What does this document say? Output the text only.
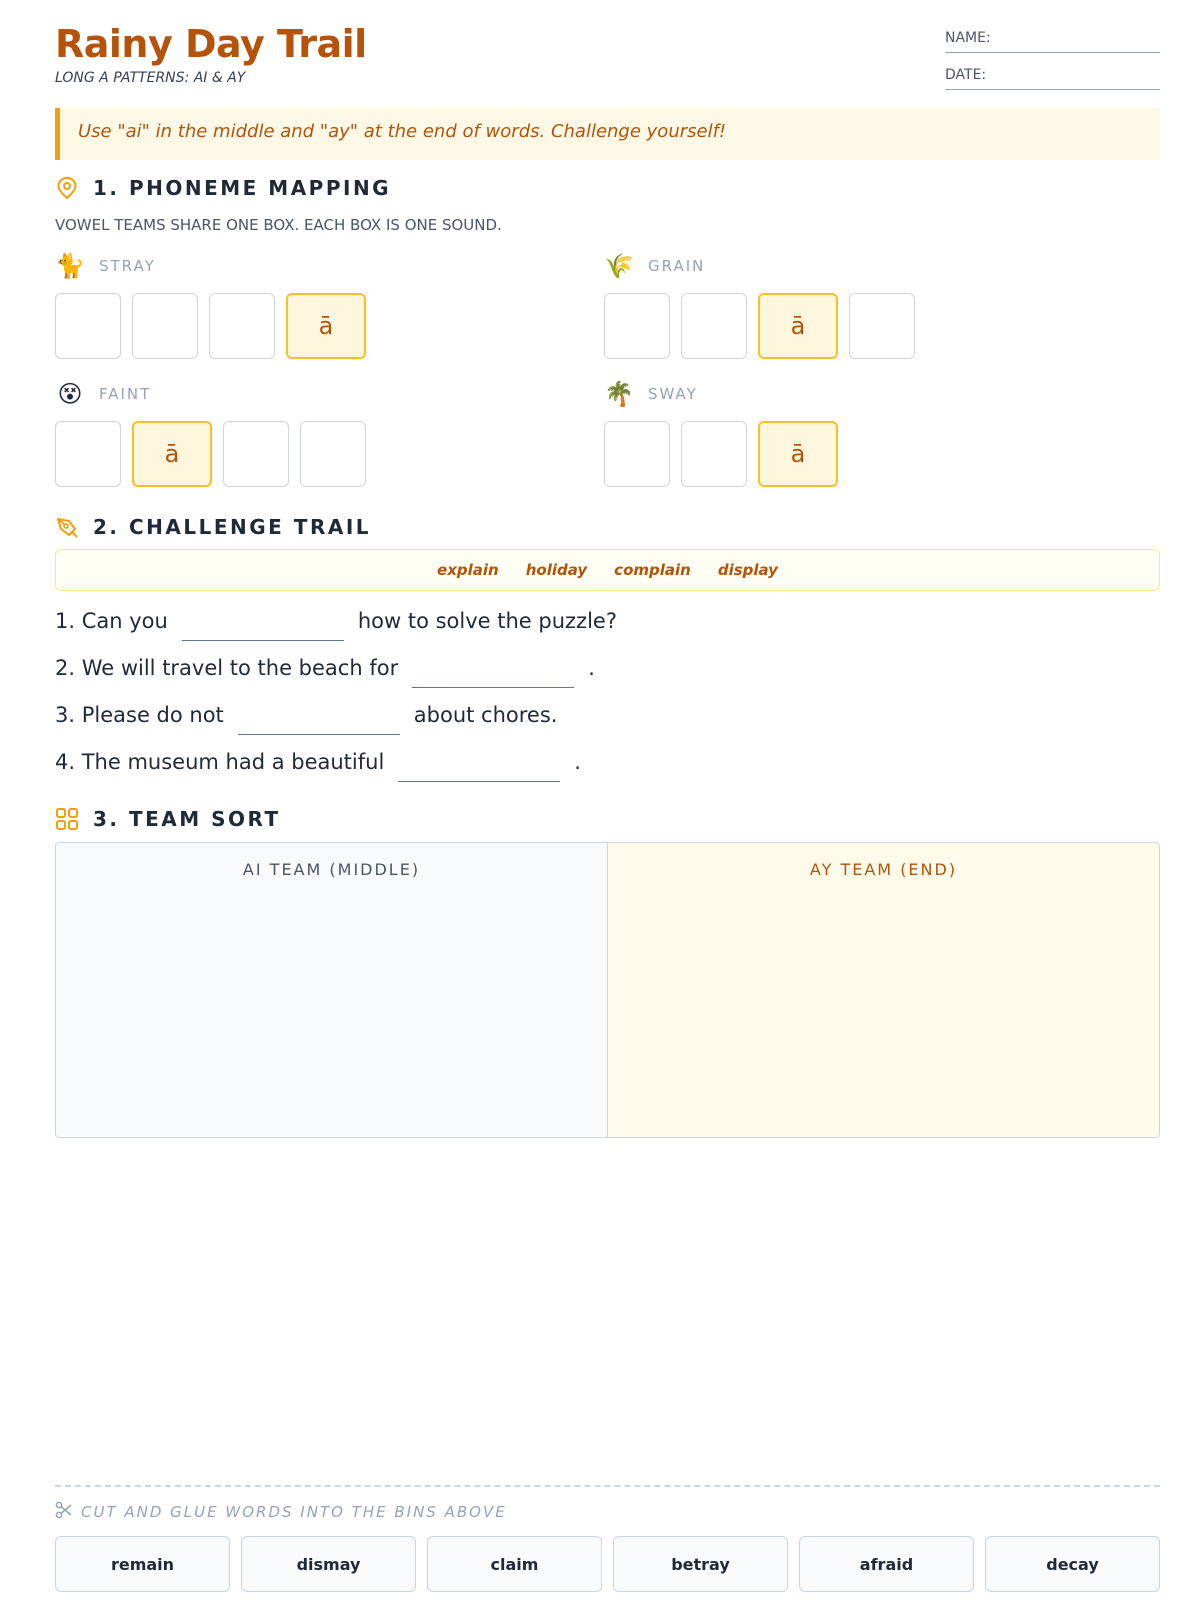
Rainy Day Trail
LONG A PATTERNS: AI & AY
NAME:
DATE:
Use "ai" in the middle and "ay" at the end of words. Challenge yourself!
1. PHONEME MAPPING
VOWEL TEAMS SHARE ONE BOX. EACH BOX IS ONE SOUND.
🐈 STRAY
ā
🌾 GRAIN
ā
😵 FAINT
ā
🌴 SWAY
ā
2. CHALLENGE TRAIL
explain holiday complain display
1. Can you	how to solve the puzzle?
2. We will travel to the beach for	.
3. Please do not	about chores.
4. The museum had a beautiful	.
3. TEAM SORT
AI TEAM (MIDDLE)	AY TEAM (END)
CUT AND GLUE WORDS INTO THE BINS ABOVE
remain	dismay	claim	betray	afraid	decay
